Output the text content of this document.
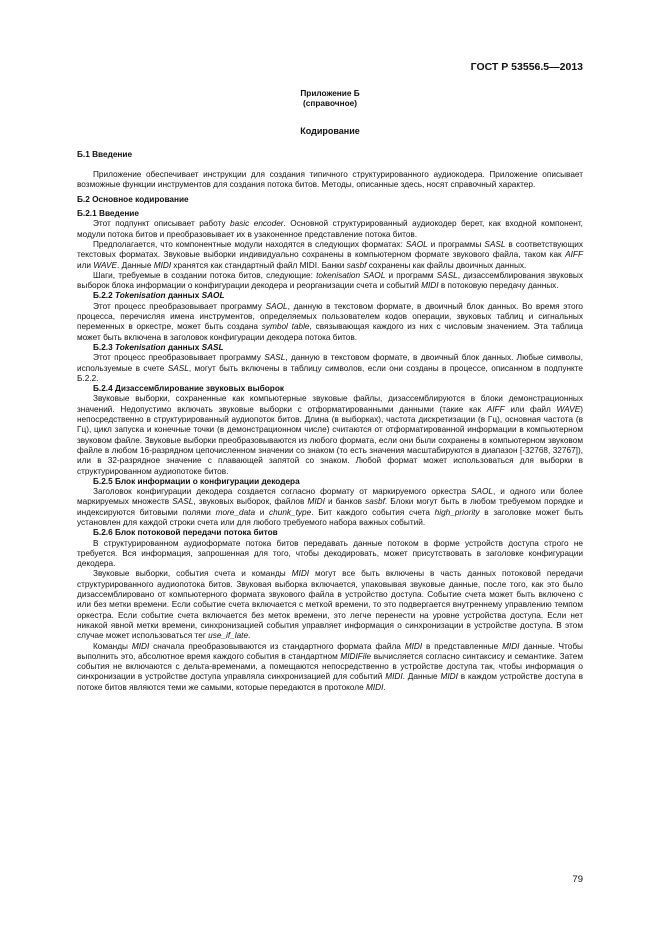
ГОСТ Р 53556.5—2013
Приложение Б
(справочное)
Кодирование
Б.1 Введение

Приложение обеспечивает инструкции для создания типичного структурированного аудиокодера. Приложение описывает возможные функции инструментов для создания потока битов. Методы, описанные здесь, носят справочный характер.

Б.2 Основное кодирование
Б.2.1 Введение

Этот подпункт описывает работу basic encoder. Основной структурированный аудиокодер берет, как входной компонент, модули потока битов и преобразовывает их в узаконенное представление потока битов.

Предполагается, что компонентные модули находятся в следующих форматах: SAOL и программы SASL в соответствующих текстовых форматах. Звуковые выборки индивидуально сохранены в компьютерном формате звукового файла, таком как AIFF или WAVE. Данные MIDI хранятся как стандартный файл MIDI. Банки sasbf сохранены как файлы двоичных данных.

Шаги, требуемые в создании потока битов, следующие: tokenisation SAOL и программ SASL, дизассемблирования звуковых выборок блока информации о конфигурации декодера и реорганизации счета и событий MIDI в потоковую передачу данных.

Б.2.2 Tokenisation данных SAOL

Этот процесс преобразовывает программу SAOL, данную в текстовом формате, в двоичный блок данных. Во время этого процесса, перечисляя имена инструментов, определяемых пользователем кодов операции, звуковых таблиц и сигнальных переменных в оркестре, может быть создана symbol table, связывающая каждого из них с числовым значением. Эта таблица может быть включена в заголовок конфигурации декодера потока битов.

Б.2.3 Tokenisation данных SASL

Этот процесс преобразовывает программу SASL, данную в текстовом формате, в двоичный блок данных. Любые символы, используемые в счете SASL, могут быть включены в таблицу символов, если они созданы в процессе, описанном в подпункте Б.2.2.

Б.2.4 Дизассемблирование звуковых выборок

Звуковые выборки, сохраненные как компьютерные звуковые файлы, дизассемблируются в блоки демонстрационных значений. Недопустимо включать звуковые выборки с отформатированными данными (такие как AIFF или файл WAVE) непосредственно в структурированный аудиопоток битов. Длина (в выборках), частота дискретизации (в Гц), основная частота (в Гц), цикл запуска и конечные точки (в демонстрационном числе) считаются от отформатированной информации в компьютерном звуковом файле. Звуковые выборки преобразовываются из любого формата, если они были сохранены в компьютерном звуковом файле в любом 16-разрядном цепочисленном значении со знаком (то есть значения масштабируются в диапазон [-32768, 32767]), или в 32-разрядное значение с плавающей запятой со знаком. Любой формат может использоваться для выборки в структурированном аудиопотоке битов.

Б.2.5 Блок информации о конфигурации декодера

Заголовок конфигурации декодера создается согласно формату от маркируемого оркестра SAOL, и одного или более маркируемых множеств SASL, звуковых выборок, файлов MIDI и банков sasbf. Блоки могут быть в любом требуемом порядке и индексируются битовыми полями more_data и chunk_type. Бит каждого события счета high_priority в заголовке может быть установлен для каждой строки счета или для любого требуемого набора важных событий.

Б.2.6 Блок потоковой передачи потока битов

В структурированном аудиоформате потока битов передавать данные потоком в форме устройств доступа строго не требуется. Вся информация, запрошенная для того, чтобы декодировать, может присутствовать в заголовке конфигурации декодера.

Звуковые выборки, события счета и команды MIDI могут все быть включены в часть данных потоковой передачи структурированного аудиопотока битов. Звуковая выборка включается, упаковывая звуковые данные, после того, как это было дизассемблировано от компьютерного формата звукового файла в устройство доступа. Событие счета может быть включено с или без метки времени. Если событие счета включается с меткой времени, то это подвергается внутреннему управлению темпом оркестра. Если событие счета включается без меток времени, это легче перенести на уровне устройства доступа. Если нет никакой явной метки времени, синхронизацией события управляет информация о синхронизации в устройстве доступа. В этом случае может использоваться тег use_if_late.

Команды MIDI сначала преобразовываются из стандартного формата файла MIDI в представленные MIDI данные. Чтобы выполнить это, абсолютное время каждого события в стандартном MIDIFile вычисляется согласно синтаксису и семантике. Затем события не включаются с дельта-временами, а помещаются непосредственно в устройстве доступа так, чтобы информация о синхронизации в устройстве доступа управляла синхронизацией для событий MIDI. Данные MIDI в каждом устройстве доступа в потоке битов являются теми же самыми, которые передаются в протоколе MIDI.

79
